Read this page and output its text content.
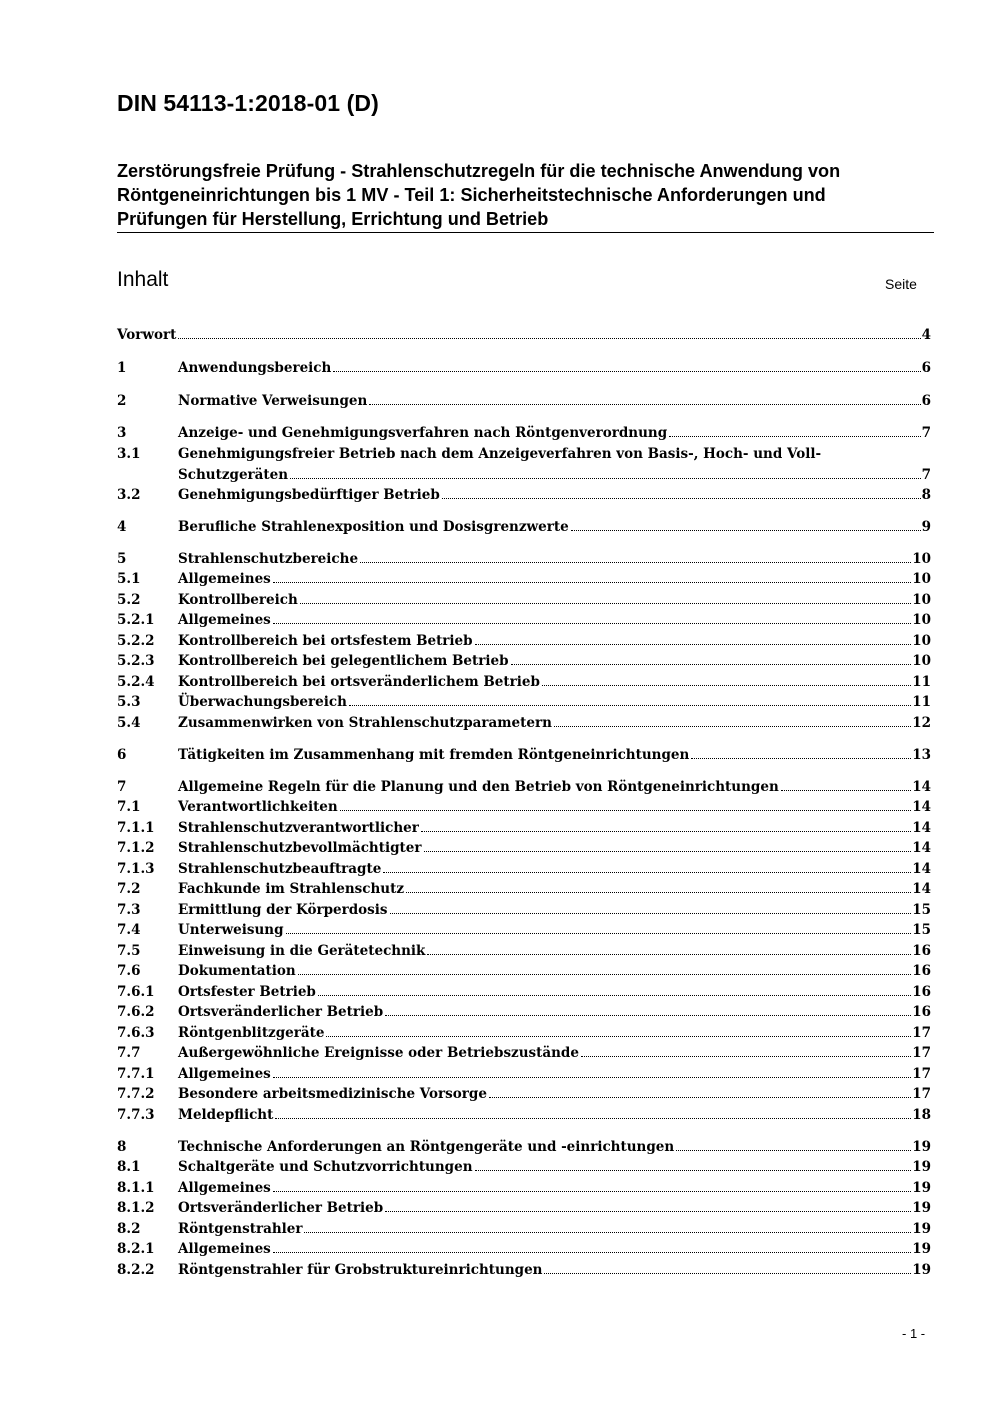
DIN 54113-1:2018-01 (D)
Zerstörungsfreie Prüfung - Strahlenschutzregeln für die technische Anwendung von
Röntgeneinrichtungen bis 1 MV - Teil 1: Sicherheitstechnische Anforderungen und
Prüfungen für Herstellung, Errichtung und Betrieb
Inhalt	Seite
Vorwort	4
1	Anwendungsbereich	6
2	Normative Verweisungen	6
3	Anzeige- und Genehmigungsverfahren nach Röntgenverordnung	7
3.1	Genehmigungsfreier Betrieb nach dem Anzeigeverfahren von Basis-, Hoch- und Voll-
Schutzgeräten	7
3.2	Genehmigungsbedürftiger Betrieb	8
4	Berufliche Strahlenexposition und Dosisgrenzwerte	9
5	Strahlenschutzbereiche	10
5.1	Allgemeines	10
5.2	Kontrollbereich	10
5.2.1 Allgemeines	10
5.2.2 Kontrollbereich bei ortsfestem Betrieb	10
5.2.3 Kontrollbereich bei gelegentlichem Betrieb	10
5.2.4 Kontrollbereich bei ortsveränderlichem Betrieb	11
5.3	Überwachungsbereich	11
5.4	Zusammenwirken von Strahlenschutzparametern	12
6	Tätigkeiten im Zusammenhang mit fremden Röntgeneinrichtungen	13
7	Allgemeine Regeln für die Planung und den Betrieb von Röntgeneinrichtungen	14
7.1	Verantwortlichkeiten	14
7.1.1 Strahlenschutzverantwortlicher	14
7.1.2 Strahlenschutzbevollmächtigter	14
7.1.3 Strahlenschutzbeauftragte	14
7.2	Fachkunde im Strahlenschutz	14
7.3	Ermittlung der Körperdosis	15
7.4	Unterweisung	15
7.5	Einweisung in die Gerätetechnik	16
7.6	Dokumentation	16
7.6.1 Ortsfester Betrieb	16
7.6.2 Ortsveränderlicher Betrieb	16
7.6.3 Röntgenblitzgeräte	17
7.7	Außergewöhnliche Ereignisse oder Betriebszustände	17
7.7.1 Allgemeines	17
7.7.2 Besondere arbeitsmedizinische Vorsorge	17
7.7.3 Meldepflicht	18
8	Technische Anforderungen an Röntgengeräte und -einrichtungen	19
8.1	Schaltgeräte und Schutzvorrichtungen	19
8.1.1 Allgemeines	19
8.1.2 Ortsveränderlicher Betrieb	19
8.2	Röntgenstrahler	19
8.2.1 Allgemeines	19
8.2.2 Röntgenstrahler für Grobstruktureinrichtungen	19
- 1 -
